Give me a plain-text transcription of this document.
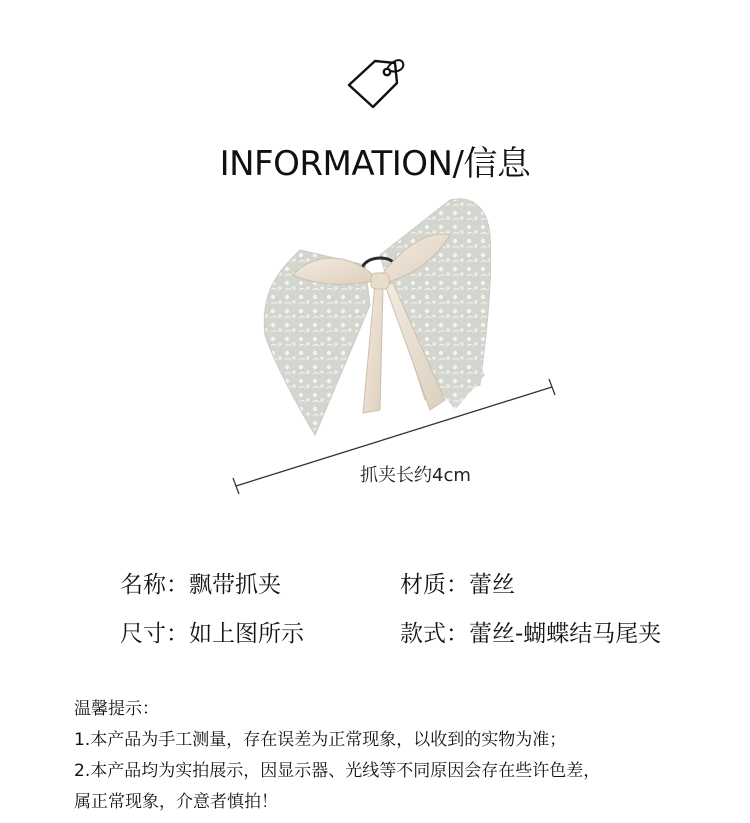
INFORMATION/信息
抓夹长约4cm
名称：飘带抓夹	材质：蕾丝
尺寸：如上图所示	款式：蕾丝-蝴蝶结马尾夹
温馨提示：
1.本产品为手工测量，存在误差为正常现象，以收到的实物为准；
2.本产品均为实拍展示，因显示器、光线等不同原因会存在些许色差，
属正常现象，介意者慎拍！
